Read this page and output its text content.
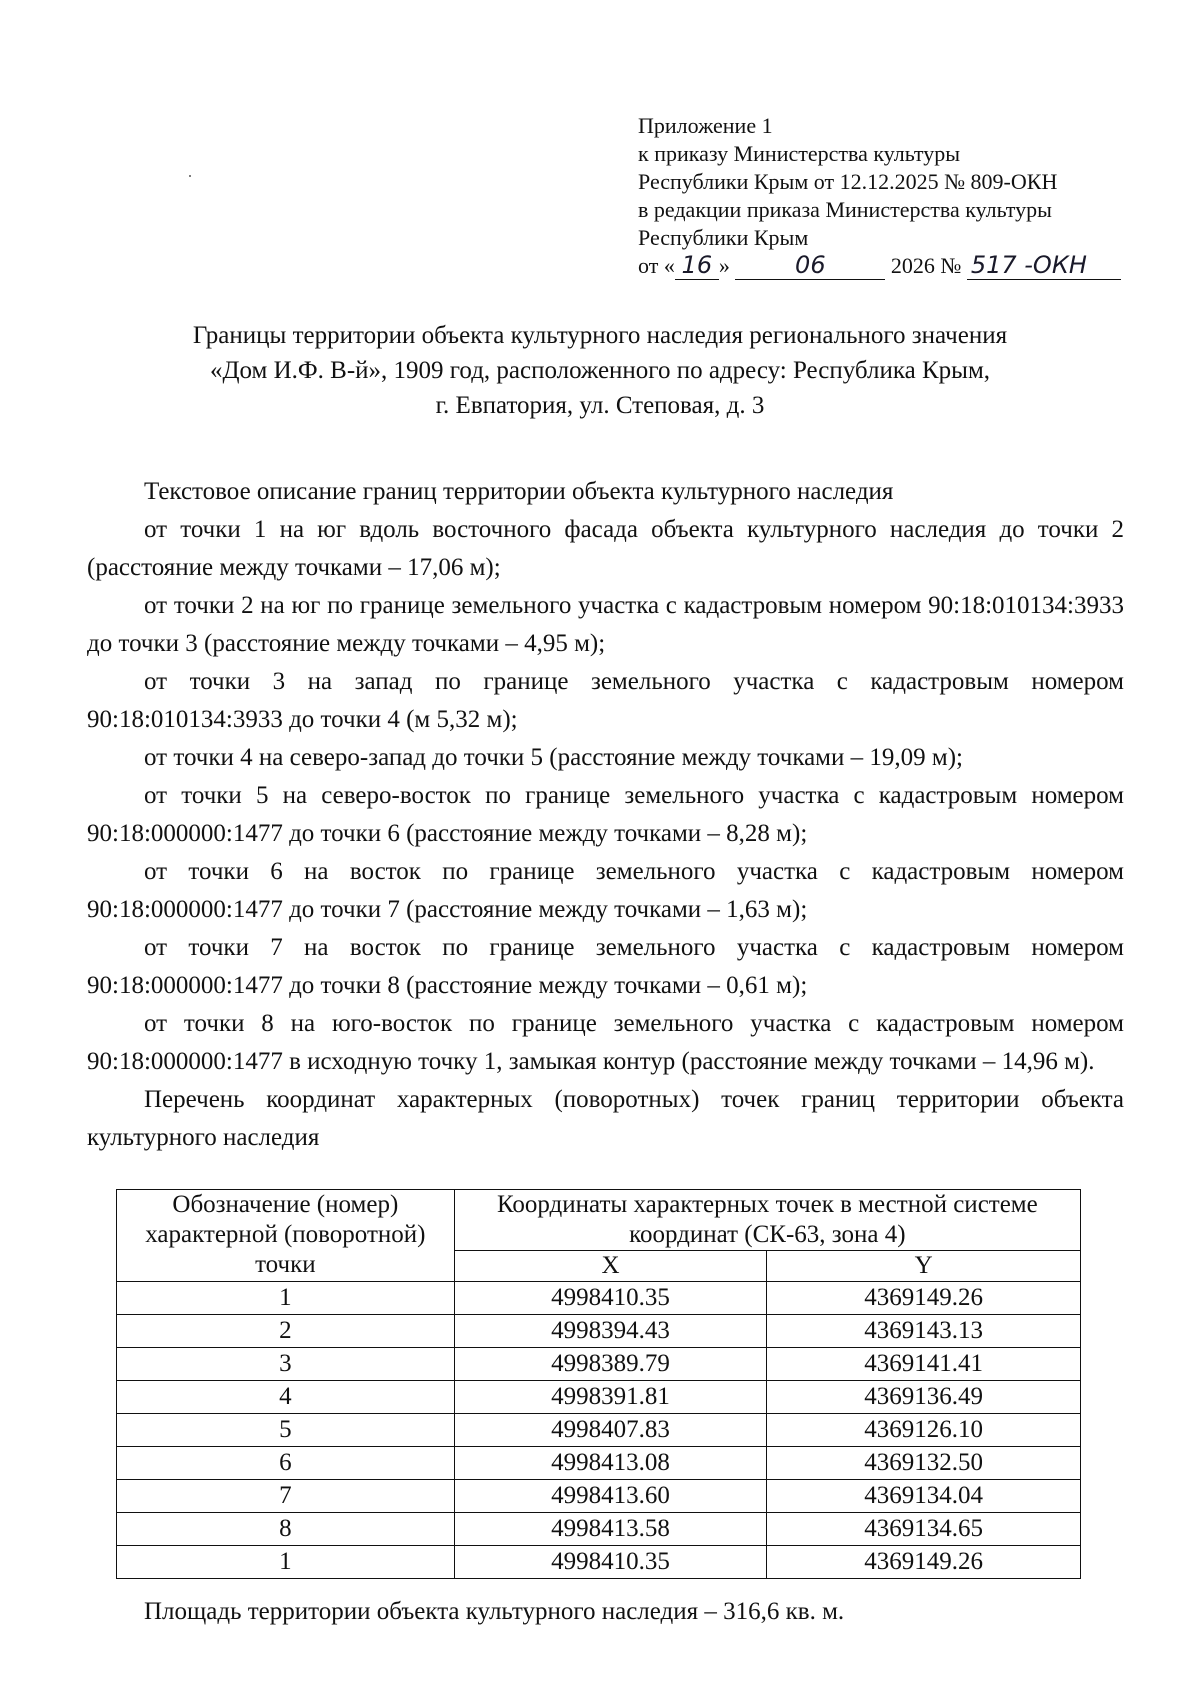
Приложение 1
к приказу Министерства культуры
Республики Крым от 12.12.2025 № 809-ОКН
в редакции приказа Министерства культуры
Республики Крым
от « 16 »	06	2026 № 517 -ОКН
Границы территории объекта культурного наследия регионального значения
«Дом И.Ф. В-й», 1909 год, расположенного по адресу: Республика Крым,
г. Евпатория, ул. Степовая, д. 3

Текстовое описание границ территории объекта культурного наследия

от точки 1 на юг вдоль восточного фасада объекта культурного наследия до точки 2 (расстояние между точками – 17,06 м);

от точки 2 на юг по границе земельного участка с кадастровым номером 90:18:010134:3933 до точки 3 (расстояние между точками – 4,95 м);

от точки 3 на запад по границе земельного участка с кадастровым номером 90:18:010134:3933 до точки 4 (м 5,32 м);

от точки 4 на северо-запад до точки 5 (расстояние между точками – 19,09 м);

от точки 5 на северо-восток по границе земельного участка с кадастровым номером 90:18:000000:1477 до точки 6 (расстояние между точками – 8,28 м);

от точки 6 на восток по границе земельного участка с кадастровым номером 90:18:000000:1477 до точки 7 (расстояние между точками – 1,63 м);

от точки 7 на восток по границе земельного участка с кадастровым номером 90:18:000000:1477 до точки 8 (расстояние между точками – 0,61 м);

от точки 8 на юго-восток по границе земельного участка с кадастровым номером 90:18:000000:1477 в исходную точку 1, замыкая контур (расстояние между точками – 14,96 м).

Перечень координат характерных (поворотных) точек границ территории объекта культурного наследия

Обозначение (номер) характерной (поворотной) точки	Координаты характерных точек в местной системе координат (СК-63, зона 4)	
	X	Y
1	4998410.35	4369149.26
2	4998394.43	4369143.13
3	4998389.79	4369141.41
4	4998391.81	4369136.49
5	4998407.83	4369126.10
6	4998413.08	4369132.50
7	4998413.60	4369134.04
8	4998413.58	4369134.65
1	4998410.35	4369149.26
Площадь территории объекта культурного наследия – 316,6 кв. м.
